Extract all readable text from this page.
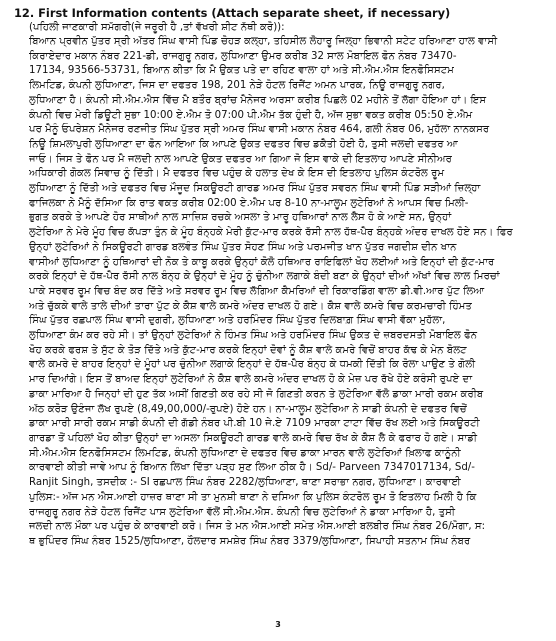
12. First Information contents (Attach separate sheet, if necessary)
(ਪਹਿਲੀ ਜਾਣਕਾਰੀ ਸਮੱਗਰੀ(ਜੇ ਜਰੂਰੀ ਹੈ ,ਤਾਂ ਵੱਖਰੀ ਸ਼ੀਟ ਨੱਥੀ ਕਰੋ)):
ਬਿਆਨ ਪ੍ਰਵੀਨ ਪੁੱਤਰ ਸ੍ਰੀ ਅੱਤਰ ਸਿੰਘ ਵਾਸੀ ਪਿੰਡ ਚੋਹੜ ਕਲ੍ਹਾ, ਤਹਿਸੀਲ ਲੋਹਾਰੂ ਜਿਲ੍ਹਾ ਭਿਵਾਨੀ ਸਟੇਟ ਹਰਿਆਣਾ ਹਾਲ ਵਾਸੀ
ਕਿਰਾਏਦਾਰ ਮਕਾਨ ਨੰਬਰ 221-ਡੀ, ਰਾਜਗੁਰੂ ਨਗਰ, ਲੁਧਿਆਣਾ ਉਮਰ ਕਰੀਬ 32 ਸਾਲ ਮੋਬਾਇਲ ਫੋਨ ਨੰਬਰ 73470-
17134, 93566-53731, ਬਿਆਨ ਕੀਤਾ ਕਿ ਮੈ ਉਕਤ ਪਤੇ ਦਾ ਰਹਿਣ ਵਾਲਾ ਹਾਂ ਅਤੇ ਸੀ.ਐਮ.ਐਸ ਇਨਫੋਸਿਸਟਮ
ਲਿਮਟਿਡ, ਕੰਪਨੀ ਲੁਧਿਆਣਾ, ਜਿਸ ਦਾ ਦਫਤਰ 198, 201 ਨੇੜੇ ਹੋਟਲ ਰਿਜੈਂਟ ਅਮਨ ਪਾਰਕ, ਨਿਊ ਰਾਜਗੁਰੂ ਨਗਰ,
ਲੁਧਿਆਣਾ ਹੈ। ਕੰਪਨੀ ਸੀ.ਐਮ.ਐਸ ਵਿੱਚ ਮੈ ਬਤੌਰ ਬ੍ਰਾਂਚ ਮੈਨੇਜਰ ਅਰਸਾ ਕਰੀਬ ਪਿਛਲੇ 02 ਮਹੀਨੇ ਤੋਂ ਲੱਗਾ ਹੋਇਆ ਹਾਂ। ਇਸ
ਕੰਪਨੀ ਵਿਚ ਮੇਰੀ ਡਿਊਟੀ ਸੁਭਾ 10:00 ਏ.ਐਮ ਤੋ 07:00 ਪੀ.ਐਮ ਤੱਕ ਹੁੰਦੀ ਹੈ, ਅੱਜ ਸੁਭਾ ਵਕਤ ਕਰੀਬ 05:50 ਏ.ਐਮ
ਪਰ ਮੈਨੂੰ ਓਪਰੇਸ਼ਨ ਮੈਨੇਜਰ ਰਣਜੀਤ ਸਿੰਘ ਪੁੱਤਰ ਸ੍ਰੀ ਅਮਰ ਸਿੰਘ ਵਾਸੀ ਮਕਾਨ ਨੰਬਰ 464, ਗਲੀ ਨੰਬਰ 06, ਮੁਹੱਲਾ ਨਾਨਕਸਰ
ਨਿਊ ਸ਼ਿਮਲਾਪੁਰੀ ਲੁਧਿਆਣਾ ਦਾ ਫੋਨ ਆਇਆ ਕਿ ਆਪਣੇ ਉਕਤ ਦਫਤਰ ਵਿਚ ਡਕੈਤੀ ਹੋਈ ਹੈ, ਤੁਸੀ ਜਲਦੀ ਦਫਤਰ ਆ
ਜਾਓ। ਜਿਸ ਤੇ ਫੋਨ ਪਰ ਮੈ ਜਲਦੀ ਨਾਲ ਆਪਣੇ ਉਕਤ ਦਫਤਰ ਆ ਗਿਆ ਜੋ ਇਸ ਵਾਕੇ ਦੀ ਇਤਲਾਹ ਆਪਣੇ ਸੀਨੀਅਰ
ਅਧਿਕਾਰੀ ਗੋਕਲ ਸਿਵਾਚ ਨੂੰ ਦਿੱਤੀ। ਮੈ ਦਫਤਰ ਵਿਚ ਪਹੁੰਚ ਕੇ ਹਲਾਤ ਦੇਖ ਕੇ ਇਸ ਦੀ ਇਤਲਾਹ ਪੁਲਿਸ ਕੰਟਰੋਲ ਰੂਮ
ਲੁਧਿਆਣਾ ਨੂੰ ਦਿੱਤੀ ਅਤੇ ਦਫਤਰ ਵਿਚ ਮੌਜੂਦ ਸਿਕਊਰਟੀ ਗਾਰਡ ਅਮਰ ਸਿੰਘ ਪੁੱਤਰ ਸਵਰਨ ਸਿੰਘ ਵਾਸੀ ਪਿੰਡ ਸੜੀਆਂ ਜ਼ਿਲ੍ਹਾ
ਫਾਜਿਲਕਾ ਨੇ ਮੈਨੂੰ ਦੱਸਿਆ ਕਿ ਰਾਤ ਵਕਤ ਕਰੀਬ 02:00 ਏ.ਐਮ ਪਰ 8-10 ਨਾ-ਮਾਲੂਮ ਲੁਟੇਰਿਆਂ ਨੇ ਆਪਸ ਵਿਚ ਮਿਲੀ-
ਭੁਗਤ ਕਰਕੇ ਤੇ ਆਪਣੇ ਹੋਰ ਸਾਥੀਆਂ ਨਾਲ ਸਾਜ਼ਿਸ਼ ਰਚਕੇ ਅਸਲਾ ਤੇ ਮਾਰੂ ਹਥਿਆਰਾਂ ਨਾਲ ਲੈਸ ਹੋ ਕੇ ਆਏ ਸਨ, ਉਨ੍ਹਾਂ
ਲੁਟੇਰਿਆ ਨੇ ਮੇਰੇ ਮੂੰਹ ਵਿਚ ਕੱਪੜਾ ਤੁੰਨ ਕੇ ਮੂੰਹ ਬੰਨ੍ਹਕੇ ਮੇਰੀ ਕੁੱਟ-ਮਾਰ ਕਰਕੇ ਰੱਸੀ ਨਾਲ ਹੱਥ-ਪੈਰ ਬੰਨ੍ਹਕੇ ਅੰਦਰ ਦਾਖਲ ਹੋਏ ਸਨ। ਫਿਰ
ਉਨ੍ਹਾਂ ਲੁਟੇਰਿਆਂ ਨੇ ਸਿਕਊਰਟੀ ਗਾਰਡ ਬਲਵੰਤ ਸਿੰਘ ਪੁੱਤਰ ਸੋਹਣ ਸਿੰਘ ਅਤੇ ਪਰਮਜੀਤ ਖਾਨ ਪੁੱਤਰ ਜਗਦੀਸ਼ ਦੀਨ ਖਾਨ
ਵਾਸੀਆਂ ਲੁਧਿਆਣਾ ਨੂੰ ਹਥਿਆਰਾਂ ਦੀ ਨੋਕ ਤੇ ਕਾਬੂ ਕਰਕੇ ਉਨ੍ਹਾਂ ਕੋਲੋ ਹਥਿਆਰ ਰਾਇਫਿਲਾਂ ਖੋਹ ਲਈਆਂ ਅਤੇ ਇਨ੍ਹਾਂ ਦੀ ਕੁੱਟ-ਮਾਰ
ਕਰਕੇ ਇਨ੍ਹਾਂ ਦੇ ਹੱਥ-ਪੈਰ ਰੱਸੀ ਨਾਲ ਬੰਨ੍ਹ ਕੇ ਉਨ੍ਹਾਂ ਦੇ ਮੂੰਹ ਨੂੰ ਚੁੰਨੀਆ ਲਗਾਕੇ ਬੰਦੀ ਬਣਾ ਕੇ ਉਨ੍ਹਾਂ ਦੀਆਂ ਅੱਖਾਂ ਵਿਚ ਲਾਲ ਮਿਰਚਾਂ
ਪਾਕੇ ਸਰਵਰ ਰੂਮ ਵਿਚ ਬੰਦ ਕਰ ਦਿੱਤੇ ਅਤੇ ਸਰਵਰ ਰੂਮ ਵਿਚ ਲੱਗਿਆ ਕੈਮਰਿਆਂ ਦੀ ਰਿਕਾਰਡਿੰਗ ਵਾਲਾ ਡੀ.ਵੀ.ਆਰ ਪੁੱਟ ਲਿਆ
ਅਤੇ ਚੁੱਕਕੇ ਵਾਲੇ ਤਾਲੇ ਦੀਆਂ ਤਾਰਾ ਪੁੱਟ ਕੇ ਕੈਸ਼ ਵਾਲੇ ਕਮਰੇ ਅੰਦਰ ਦਾਖਲ ਹੋ ਗਏ। ਕੈਸ਼ ਵਾਲੇ ਕਮਰੇ ਵਿਚ ਕਰਮਚਾਰੀ ਹਿੰਮਤ
ਸਿੰਘ ਪੁੱਤਰ ਰਛਪਾਲ ਸਿੰਘ ਵਾਸੀ ਦੁਗਰੀ, ਲੁਧਿਆਣਾ ਅਤੇ ਹਰਮਿੰਦਰ ਸਿੰਘ ਪੁੱਤਰ ਦਿਲਬਾਗ਼ ਸਿੰਘ ਵਾਸੀ ਵੱਕਾ ਮੁਹੱਲਾ,
ਲੁਧਿਆਣਾ ਕੰਮ ਕਰ ਰਹੇ ਸੀ। ਤਾਂ ਉਨ੍ਹਾਂ ਲੁਟੇਰਿਆਂ ਨੇ ਹਿੰਮਤ ਸਿੰਘ ਅਤੇ ਹਰਮਿੰਦਰ ਸਿੰਘ ਉਕਤ ਦੇ ਜ਼ਬਰਦਸਤੀ ਮੋਬਾਇਲ ਫੋਨ
ਖੋਹ ਕਰਕੇ ਫਰਸ਼ ਤੇ ਸੁੱਟ ਕੇ ਤੋੜ ਦਿੱਤੇ ਅਤੇ ਕੁੱਟ-ਮਾਰ ਕਰਕੇ ਇਨ੍ਹਾਂ ਦੋਵਾਂ ਨੂੰ ਕੈਸ਼ ਵਾਲੇ ਕਮਰੇ ਵਿਚੋਂ ਬਾਹਰ ਕੱਢ ਕੇ ਮੇਨ ਬੋਲਟ
ਵਾਲੇ ਕਮਰੇ ਦੇ ਬਾਹਰ ਇਨ੍ਹਾਂ ਦੇ ਮੂੰਹਾਂ ਪਰ ਚੁੰਨੀਆ ਲਗਾਕੇ ਇਨ੍ਹਾਂ ਦੇ ਹੱਥ-ਪੈਰ ਬੰਨ੍ਹ ਕੇ ਧਮਕੀ ਦਿੱਤੀ ਕਿ ਰੋਲਾ ਪਾਉਣ ਤੇ ਗੋਲੀ
ਮਾਰ ਦਿਆਂਗੇ। ਇਸ ਤੋਂ ਬਾਅਦ ਇਨ੍ਹਾਂ ਲੁਟੇਰਿਆਂ ਨੇ ਕੈਸ਼ ਵਾਲੇ ਕਮਰੇ ਅੰਦਰ ਦਾਖਲ ਹੋ ਕੇ ਮੇਜ਼ ਪਰ ਰੱਖੇ ਹੋਏ ਕਰੰਸੀ ਰੁਪਏ ਦਾ
ਡਾਕਾ ਮਾਰਿਆ ਹੈ ਜਿਨ੍ਹਾਂ ਦੀ ਹੁਣ ਤੱਕ ਅਸੀਂ ਗਿਣਤੀ ਕਰ ਰਹੇ ਸੀ ਜੋ ਗਿਣਤੀ ਕਰਨ ਤੇ ਲੁਟੇਰਿਆ ਵੱਲੋ ਡਾਕਾ ਮਾਰੀ ਰਕਮ ਕਰੀਬ
ਅੱਠ ਕਰੋੜ ਉਣੰਜਾ ਲੱਖ ਰੁਪਏ (8,49,00,000/-ਰੁਪਏ) ਹੋਏ ਹਨ। ਨਾ-ਮਾਲੂਮ ਲੁਟੇਰਿਆ ਨੇ ਸਾਡੀ ਕੰਪਨੀ ਦੇ ਦਫਤਰ ਵਿਚੋਂ
ਡਾਕਾ ਮਾਰੀ ਸਾਰੀ ਰਕਮ ਸਾਡੀ ਕੰਪਨੀ ਦੀ ਗੱਡੀ ਨੰਬਰ ਪੀ.ਬੀ 10 ਜੇ.ਏ 7109 ਮਾਰਕਾ ਟਾਟਾ ਵਿੱਚ ਰੱਖ ਲਈ ਅਤੇ ਸਿਕਊਰਟੀ
ਗਾਰਡਾ ਤੋਂ ਪਹਿਲਾਂ ਖੋਹ ਕੀਤਾ ਉਨ੍ਹਾਂ ਦਾ ਅਸਲਾ ਸਿਕਊਰਟੀ ਗਾਰਡ ਵਾਲੇ ਕਮਰੇ ਵਿਚ ਰੱਖ ਕੇ ਕੈਸ਼ ਲੈ ਕੇ ਫਰਾਰ ਹੋ ਗਏ। ਸਾਡੀ
ਸੀ.ਐਮ.ਐਸ ਇਨਫੋਸਿਸਟਮ ਲਿਮਟਿਡ, ਕੰਪਨੀ ਲੁਧਿਆਣਾ ਦੇ ਦਫਤਰ ਵਿਚ ਡਾਕਾ ਮਾਰਨ ਵਾਲੇ ਲੁਟੇਰਿਆਂ ਖ਼ਿਲਾਫ ਕਾਨੂੰਨੀ
ਕਾਰਵਾਈ ਕੀਤੀ ਜਾਵੇ ਆਪ ਨੂੰ ਬਿਆਨ ਲਿਖਾ ਦਿੱਤਾ ਪੜ੍ਹ ਸੁਣ ਲਿਆ ਠੀਕ ਹੈ। Sd/- Parveen 7347017134, Sd/-
Ranjit Singh, ਤਸਦੀਕ :- SI ਰਛਪਾਲ ਸਿੰਘ ਨੰਬਰ 2282/ਲੁਧਿਆਣਾ, ਥਾਣਾ ਸਰਾਭਾ ਨਗਰ, ਲੁਧਿਆਣਾ। ਕਾਰਵਾਈ
ਪੁਲਿਸ:- ਅੱਜ ਮਨ ਐਸ.ਆਈ ਹਾਜ਼ਰ ਥਾਣਾ ਸੀ ਤਾ ਮੁਨਸ਼ੀ ਥਾਣਾ ਨੇ ਦਸਿਆ ਕਿ ਪੁਲਿਸ ਕੰਟਰੋਲ ਰੂਮ ਤੋ ਇਤਲਾਹ ਮਿਲੀ ਹੈ ਕਿ
ਰਾਜਗੁਰੂ ਨਗਰ ਨੇੜੇ ਹੋਟਲ ਰਿਜੈਂਟ ਪਾਸ ਲੁਟੇਰਿਆ ਵੱਲੋਂ ਸੀ.ਐਮ.ਐਸ. ਕੰਪਨੀ ਵਿਚ ਲੁਟੇਰਿਆਂ ਨੇ ਡਾਕਾ ਮਾਰਿਆ ਹੈ, ਤੁਸੀ
ਜਲਦੀ ਨਾਲ ਮੌਕਾ ਪਰ ਪਹੁੰਚ ਕੇ ਕਾਰਵਾਈ ਕਰੋ। ਜਿਸ ਤੇ ਮਨ ਐਸ.ਆਈ ਸਮੇਤ ਐਸ.ਆਈ ਬਲਬੀਰ ਸਿੰਘ ਨੰਬਰ 26/ਮੋਗਾ, ਸ:
ਥ ਭੁਪਿੰਦਰ ਸਿੰਘ ਨੰਬਰ 1525/ਲੁਧਿਆਣਾ, ਹੌਲਦਾਰ ਸਮਸ਼ੇਰ ਸਿੰਘ ਨੰਬਰ 3379/ਲੁਧਿਆਣਾ, ਸਿਪਾਹੀ ਸਤਨਾਮ ਸਿੰਘ ਨੰਬਰ
3
